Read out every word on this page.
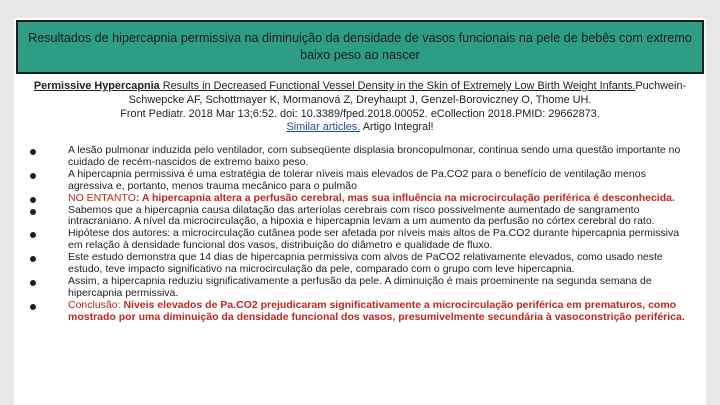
Resultados de hipercapnia permissiva na diminuição da densidade de vasos funcionais na pele de bebês com extremo baixo peso ao nascer
Permissive Hypercapnia Results in Decreased Functional Vessel Density in the Skin of Extremely Low Birth Weight Infants.Puchwein-Schwepcke AF, Schottmayer K, Mormanová Z, Dreyhaupt J, Genzel-Borovicznеy O, Thome UH.
Front Pediatr. 2018 Mar 13;6:52. doi: 10.3389/fped.2018.00052. eCollection 2018.PMID: 29662873.
Similar articles. Artigo Integral!
A lesão pulmonar induzida pelo ventilador, com subseqüente displasia broncopulmonar, continua sendo uma questão importante no cuidado de recém-nascidos de extremo baixo peso.
A hipercapnia permissiva é uma estratégia de tolerar níveis mais elevados de Pa.CO2 para o benefício de ventilação menos agressiva e, portanto, menos trauma mecânico para o pulmão
NO ENTANTO: A hipercapnia altera a perfusão cerebral, mas sua influência na microcirculação periférica é desconhecida.
Sabemos que a hipercapnia causa dilatação das arteríolas cerebrais com risco possivelmente aumentado de sangramento intracraniano. A nível da microcirculação, a hipoxia e hipercapnia levam a um aumento da perfusão no córtex cerebral do rato.
Hipótese dos autores: a microcirculação cutânea pode ser afetada por níveis mais altos de Pa.CO2 durante hipercapnia permissiva em relação à densidade funcional dos vasos, distribuição do diâmetro e qualidade de fluxo.
Este estudo demonstra que 14 dias de hipercapnia permissiva com alvos de PaCO2 relativamente elevados, como usado neste estudo, teve impacto significativo na microcirculação da pele, comparado com o grupo com leve hipercapnia.
Assim, a hipercapnia reduziu significativamente a perfusão da pele. A diminuição é mais proeminente na segunda semana de hipercapnia permissiva.
Conclusão: Níveis elevados de Pa.CO2 prejudicaram significativamente a microcirculação periférica em prematuros, como mostrado por uma diminuição da densidade funcional dos vasos, presumivelmente secundária à vasoconstrição periférica.
